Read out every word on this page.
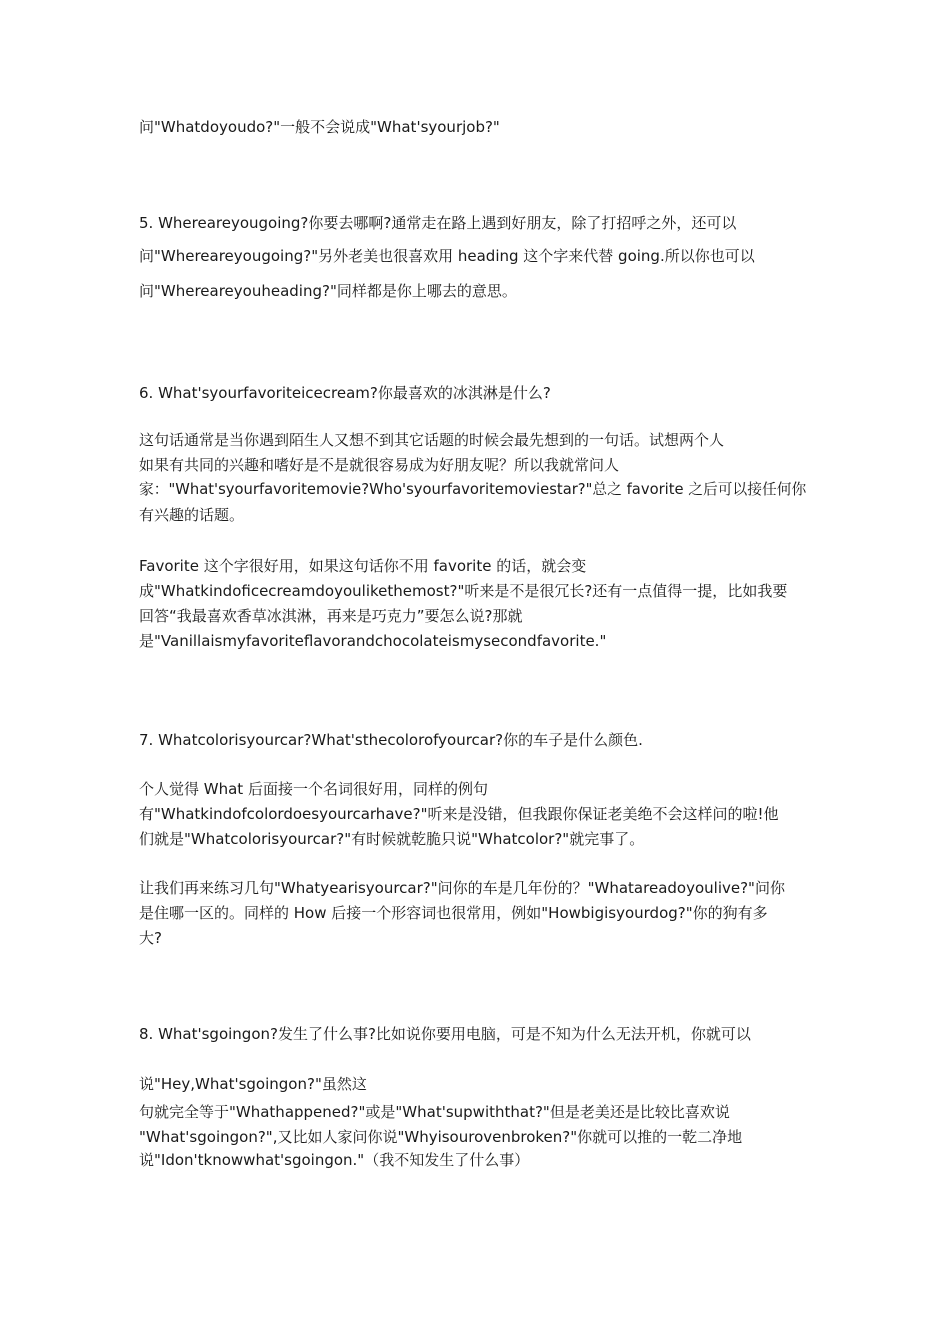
问"Whatdoyoudo?"一般不会说成"What'syourjob?"
5. Whereareyougoing?你要去哪啊?通常走在路上遇到好朋友，除了打招呼之外，还可以
问"Whereareyougoing?"另外老美也很喜欢用 heading 这个字来代替 going.所以你也可以
问"Whereareyouheading?"同样都是你上哪去的意思。
6. What'syourfavoriteicecream?你最喜欢的冰淇淋是什么?
这句话通常是当你遇到陌生人又想不到其它话题的时候会最先想到的一句话。试想两个人
如果有共同的兴趣和嗜好是不是就很容易成为好朋友呢？所以我就常问人
家："What'syourfavoritemovie?Who'syourfavoritemoviestar?"总之 favorite 之后可以接任何你
有兴趣的话题。
Favorite 这个字很好用，如果这句话你不用 favorite 的话，就会变
成"Whatkindoficecreamdoyoulikethemost?"听来是不是很冗长?还有一点值得一提，比如我要
回答“我最喜欢香草冰淇淋，再来是巧克力”要怎么说?那就
是"Vanillaismyfavoriteflavorandchocolateismysecondfavorite."
7. Whatcolorisyourcar?What'sthecolorofyourcar?你的车子是什么颜色.
个人觉得 What 后面接一个名词很好用，同样的例句
有"Whatkindofcolordoesyourcarhave?"听来是没错，但我跟你保证老美绝不会这样问的啦!他
们就是"Whatcolorisyourcar?"有时候就乾脆只说"Whatcolor?"就完事了。
让我们再来练习几句"Whatyearisyourcar?"问你的车是几年份的？"Whatareadoyoulive?"问你
是住哪一区的。同样的 How 后接一个形容词也很常用，例如"Howbigisyourdog?"你的狗有多
大?
8. What'sgoingon?发生了什么事?比如说你要用电脑，可是不知为什么无法开机，你就可以
说"Hey,What'sgoingon?"虽然这
句就完全等于"Whathappened?"或是"What'supwiththat?"但是老美还是比较比喜欢说
"What'sgoingon?",又比如人家问你说"Whyisourovenbroken?"你就可以推的一乾二净地
说"Idon'tknowwhat'sgoingon."（我不知发生了什么事）
